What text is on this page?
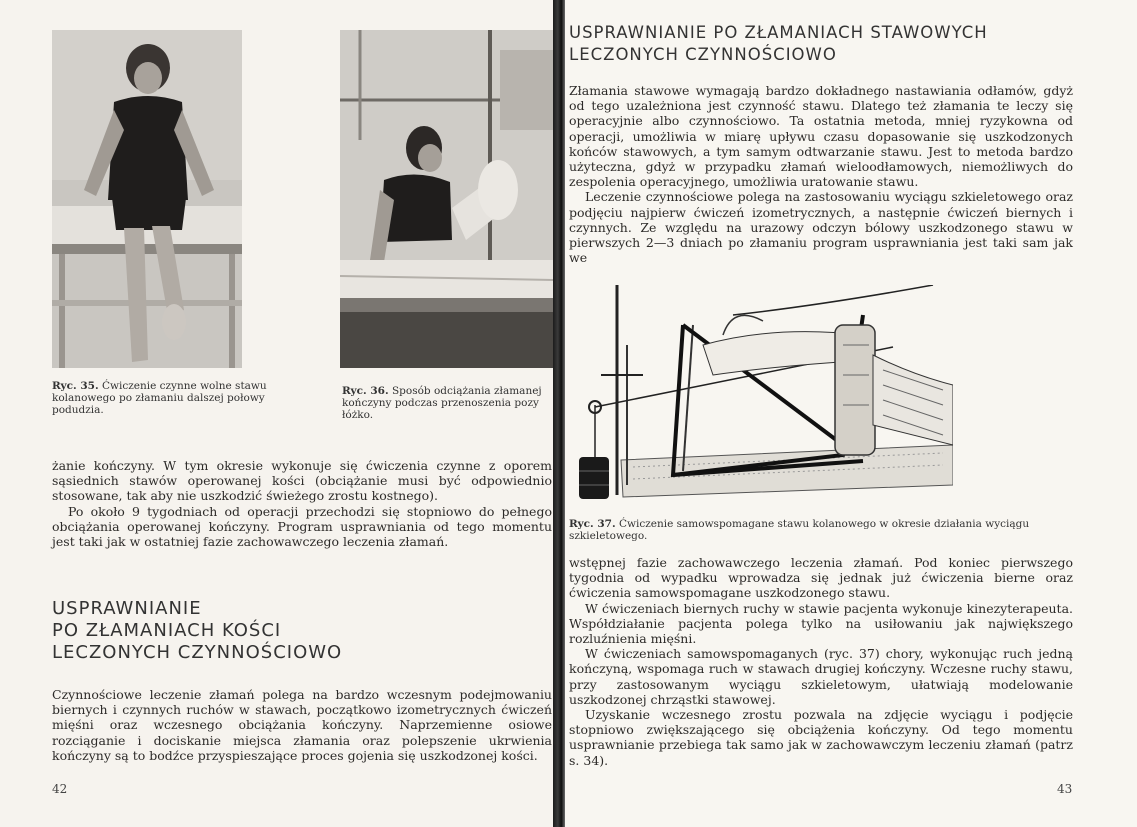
Ryc. 35. Ćwiczenie czynne wolne stawu kolanowego po złamaniu dalszej połowy podudzia.
Ryc. 36. Sposób odciążania złamanej kończyny podczas przenoszenia pozy łóżko.

żanie kończyny. W tym okresie wykonuje się ćwiczenia czynne z oporem sąsiednich stawów operowanej kości (obciążanie musi być odpowiednio stosowane, tak aby nie uszkodzić świeżego zrostu kostnego).

Po około 9 tygodniach od operacji przechodzi się stopniowo do pełnego obciążania operowanej kończyny. Program usprawniania od tego momentu jest taki jak w ostatniej fazie zachowawczego leczenia złamań.

USPRAWNIANIE
PO ZŁAMANIACH KOŚCI
LECZONYCH CZYNNOŚCIOWO

Czynnościowe leczenie złamań polega na bardzo wczesnym podejmowaniu biernych i czynnych ruchów w stawach, początkowo izometrycznych ćwiczeń mięśni oraz wczesnego obciążania kończyny. Naprzemienne osiowe rozciąganie i dociskanie miejsca złamania oraz polepszenie ukrwienia kończyny są to bodźce przyspieszające proces gojenia się uszkodzonej kości.

42
USPRAWNIANIE PO ZŁAMANIACH STAWOWYCH
LECZONYCH CZYNNOŚCIOWO

Złamania stawowe wymagają bardzo dokładnego nastawiania odłamów, gdyż od tego uzależniona jest czynność stawu. Dlatego też złamania te leczy się operacyjnie albo czynnościowo. Ta ostatnia metoda, mniej ryzykowna od operacji, umożliwia w miarę upływu czasu dopasowanie się uszkodzonych końców stawowych, a tym samym odtwarzanie stawu. Jest to metoda bardzo użyteczna, gdyż w przypadku złamań wieloodłamowych, niemożliwych do zespolenia operacyjnego, umożliwia uratowanie stawu.

Leczenie czynnościowe polega na zastosowaniu wyciągu szkieletowego oraz podjęciu najpierw ćwiczeń izometrycznych, a następnie ćwiczeń biernych i czynnych. Ze względu na urazowy odczyn bólowy uszkodzonego stawu w pierwszych 2—3 dniach po złamaniu program usprawniania jest taki sam jak we

Ryc. 37. Ćwiczenie samowspomagane stawu kolanowego w okresie działania wyciągu szkieletowego.

wstępnej fazie zachowawczego leczenia złamań. Pod koniec pierwszego tygodnia od wypadku wprowadza się jednak już ćwiczenia bierne oraz ćwiczenia samowspomagane uszkodzonego stawu.

W ćwiczeniach biernych ruchy w stawie pacjenta wykonuje kinezyterapeuta. Współdziałanie pacjenta polega tylko na usiłowaniu jak największego rozluźnienia mięśni.

W ćwiczeniach samowspomaganych (ryc. 37) chory, wykonując ruch jedną kończyną, wspomaga ruch w stawach drugiej kończyny. Wczesne ruchy stawu, przy zastosowanym wyciągu szkieletowym, ułatwiają modelowanie uszkodzonej chrząstki stawowej.

Uzyskanie wczesnego zrostu pozwala na zdjęcie wyciągu i podjęcie stopniowo zwiększającego się obciążenia kończyny. Od tego momentu usprawnianie przebiega tak samo jak w zachowawczym leczeniu złamań (patrz s. 34).

43
